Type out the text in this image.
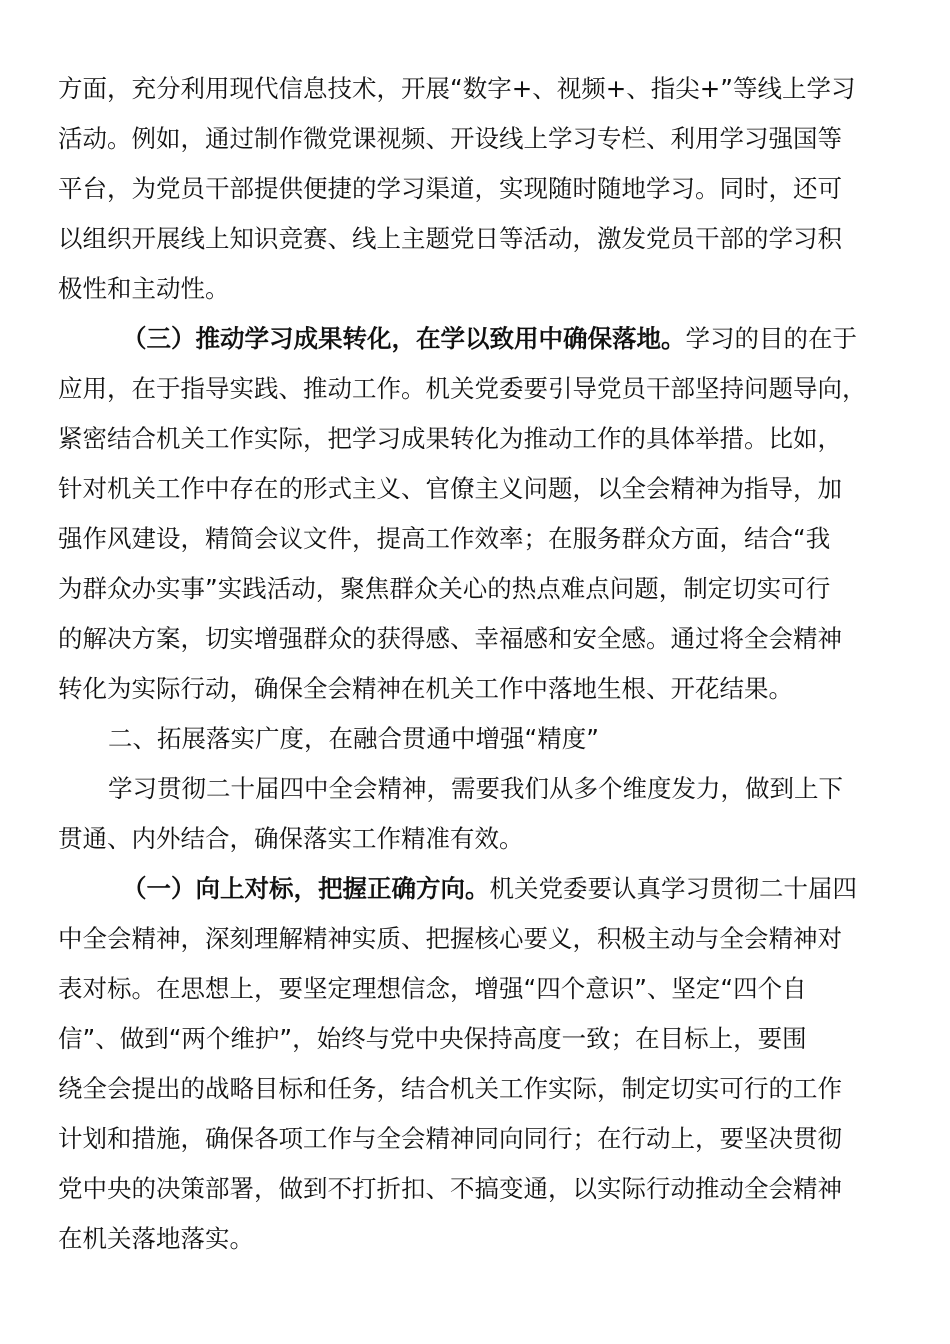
方面，充分利用现代信息技术，开展“数字+、视频+、指尖+”等线上学习
活动。例如，通过制作微党课视频、开设线上学习专栏、利用学习强国等
平台，为党员干部提供便捷的学习渠道，实现随时随地学习。同时，还可
以组织开展线上知识竞赛、线上主题党日等活动，激发党员干部的学习积
极性和主动性。
（三）推动学习成果转化，在学以致用中确保落地。学习的目的在于
应用，在于指导实践、推动工作。机关党委要引导党员干部坚持问题导向，
紧密结合机关工作实际，把学习成果转化为推动工作的具体举措。比如，
针对机关工作中存在的形式主义、官僚主义问题，以全会精神为指导，加
强作风建设，精简会议文件，提高工作效率；在服务群众方面，结合“我
为群众办实事”实践活动，聚焦群众关心的热点难点问题，制定切实可行
的解决方案，切实增强群众的获得感、幸福感和安全感。通过将全会精神
转化为实际行动，确保全会精神在机关工作中落地生根、开花结果。
二、拓展落实广度，在融合贯通中增强“精度”
学习贯彻二十届四中全会精神，需要我们从多个维度发力，做到上下
贯通、内外结合，确保落实工作精准有效。
（一）向上对标，把握正确方向。机关党委要认真学习贯彻二十届四
中全会精神，深刻理解精神实质、把握核心要义，积极主动与全会精神对
表对标。在思想上，要坚定理想信念，增强“四个意识”、坚定“四个自
信”、做到“两个维护”，始终与党中央保持高度一致；在目标上，要围
绕全会提出的战略目标和任务，结合机关工作实际，制定切实可行的工作
计划和措施，确保各项工作与全会精神同向同行；在行动上，要坚决贯彻
党中央的决策部署，做到不打折扣、不搞变通，以实际行动推动全会精神
在机关落地落实。
